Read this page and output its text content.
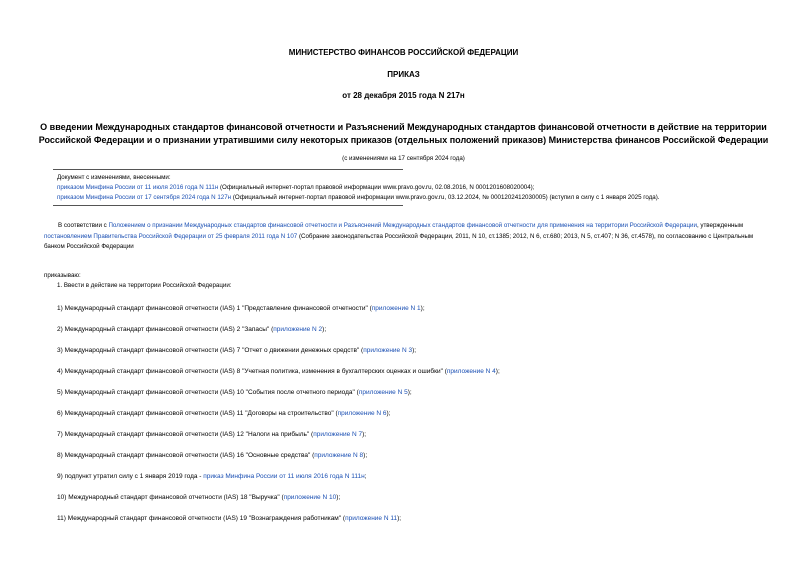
МИНИСТЕРСТВО ФИНАНСОВ РОССИЙСКОЙ ФЕДЕРАЦИИ
ПРИКАЗ
от 28 декабря 2015 года N 217н
О введении Международных стандартов финансовой отчетности и Разъяснений Международных стандартов финансовой отчетности в действие на территории
Российской Федерации и о признании утратившими силу некоторых приказов (отдельных положений приказов) Министерства финансов Российской Федерации
(с изменениями на 17 сентября 2024 года)
Документ с изменениями, внесенными:
приказом Минфина России от 11 июля 2016 года N 111н (Официальный интернет-портал правовой информации www.pravo.gov.ru, 02.08.2016, N 0001201608020004);
приказом Минфина России от 17 сентября 2024 года N 127н (Официальный интернет-портал правовой информации www.pravo.gov.ru, 03.12.2024, № 0001202412030005) (вступил в силу с 1 января 2025 года).
В соответствии с Положением о признании Международных стандартов финансовой отчетности и Разъяснений Международных стандартов финансовой отчетности для применения на территории Российской Федерации, утвержденным постановлением Правительства Российской Федерации от 25 февраля 2011 года N 107 (Собрание законодательства Российской Федерации, 2011, N 10, ст.1385; 2012, N 6, ст.680; 2013, N 5, ст.407; N 36, ст.4578), по согласованию с Центральным банком Российской Федерации
приказываю:
1. Ввести в действие на территории Российской Федерации:
1) Международный стандарт финансовой отчетности (IAS) 1 "Представление финансовой отчетности" (приложение N 1);
2) Международный стандарт финансовой отчетности (IAS) 2 "Запасы" (приложение N 2);
3) Международный стандарт финансовой отчетности (IAS) 7 "Отчет о движении денежных средств" (приложение N 3);
4) Международный стандарт финансовой отчетности (IAS) 8 "Учетная политика, изменения в бухгалтерских оценках и ошибки" (приложение N 4);
5) Международный стандарт финансовой отчетности (IAS) 10 "События после отчетного периода" (приложение N 5);
6) Международный стандарт финансовой отчетности (IAS) 11 "Договоры на строительство" (приложение N 6);
7) Международный стандарт финансовой отчетности (IAS) 12 "Налоги на прибыль" (приложение N 7);
8) Международный стандарт финансовой отчетности (IAS) 16 "Основные средства" (приложение N 8);
9) подпункт утратил силу с 1 января 2019 года - приказ Минфина России от 11 июля 2016 года N 111н;
10) Международный стандарт финансовой отчетности (IAS) 18 "Выручка" (приложение N 10);
11) Международный стандарт финансовой отчетности (IAS) 19 "Вознаграждения работникам" (приложение N 11);
